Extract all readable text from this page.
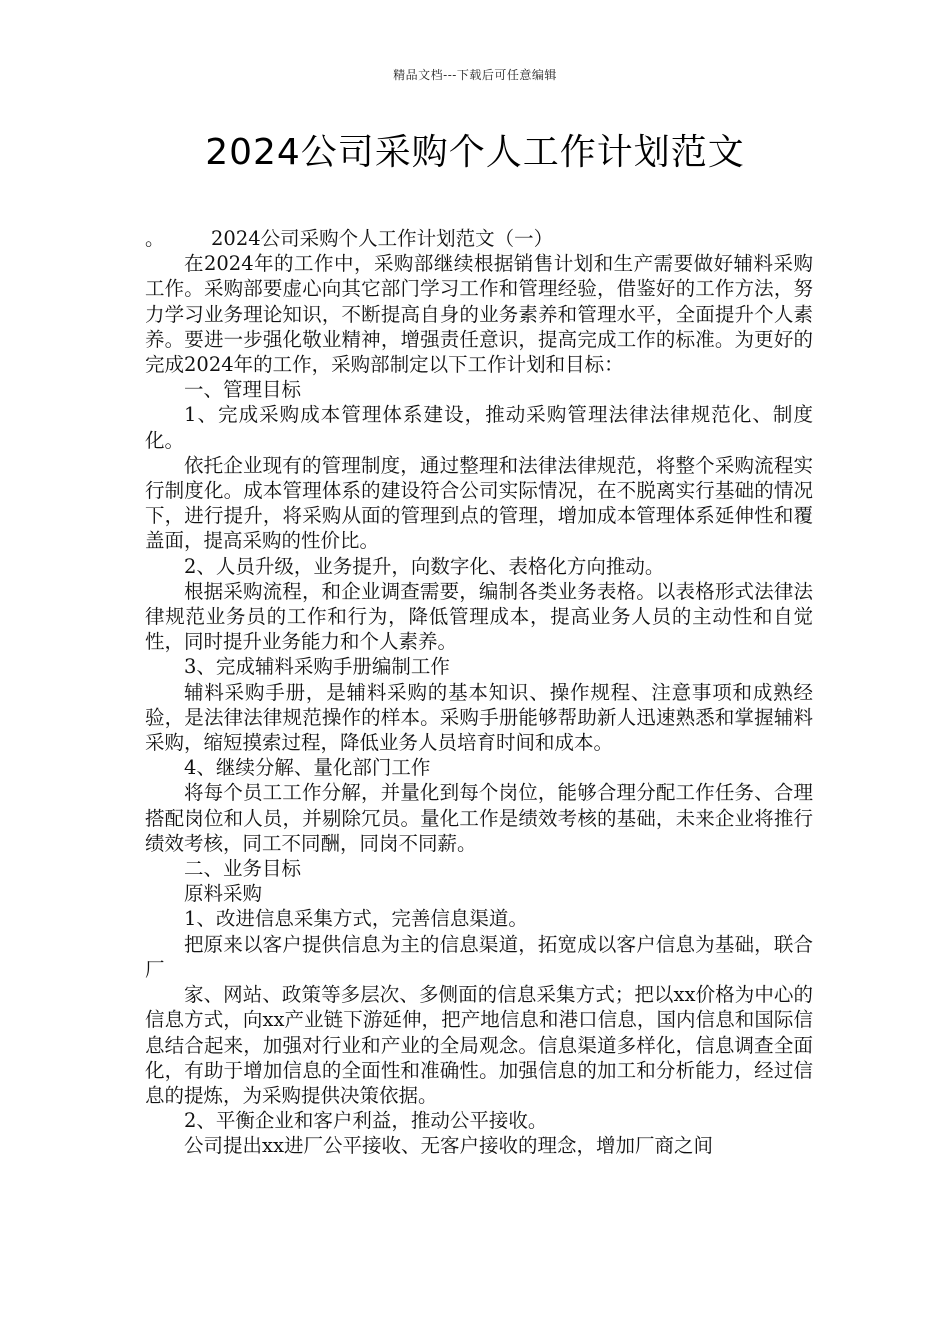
精品文档---下载后可任意编辑
2024公司采购个人工作计划范文
。	2024公司采购个人工作计划范文（一）

在2024年的工作中，采购部继续根据销售计划和生产需要做好辅料采购工作。采购部要虚心向其它部门学习工作和管理经验，借鉴好的工作方法，努力学习业务理论知识，不断提高自身的业务素养和管理水平，全面提升个人素养。要进一步强化敬业精神，增强责任意识，提高完成工作的标准。为更好的完成2024年的工作，采购部制定以下工作计划和目标：

一、管理目标

1、完成采购成本管理体系建设，推动采购管理法律法律规范化、制度化。

依托企业现有的管理制度，通过整理和法律法律规范，将整个采购流程实行制度化。成本管理体系的建设符合公司实际情况，在不脱离实行基础的情况下，进行提升，将采购从面的管理到点的管理，增加成本管理体系延伸性和覆盖面，提高采购的性价比。

2、人员升级，业务提升，向数字化、表格化方向推动。

根据采购流程，和企业调查需要，编制各类业务表格。以表格形式法律法律规范业务员的工作和行为，降低管理成本，提高业务人员的主动性和自觉性，同时提升业务能力和个人素养。

3、完成辅料采购手册编制工作

辅料采购手册，是辅料采购的基本知识、操作规程、注意事项和成熟经验，是法律法律规范操作的样本。采购手册能够帮助新人迅速熟悉和掌握辅料采购，缩短摸索过程，降低业务人员培育时间和成本。

4、继续分解、量化部门工作

将每个员工工作分解，并量化到每个岗位，能够合理分配工作任务、合理搭配岗位和人员，并剔除冗员。量化工作是绩效考核的基础，未来企业将推行绩效考核，同工不同酬，同岗不同薪。

二、业务目标

原料采购

1、改进信息采集方式，完善信息渠道。

把原来以客户提供信息为主的信息渠道，拓宽成以客户信息为基础，联合厂

家、网站、政策等多层次、多侧面的信息采集方式；把以xx价格为中心的信息方式，向xx产业链下游延伸，把产地信息和港口信息，国内信息和国际信息结合起来，加强对行业和产业的全局观念。信息渠道多样化，信息调查全面化，有助于增加信息的全面性和准确性。加强信息的加工和分析能力，经过信息的提炼，为采购提供决策依据。

2、平衡企业和客户利益，推动公平接收。

公司提出xx进厂公平接收、无客户接收的理念，增加厂商之间
